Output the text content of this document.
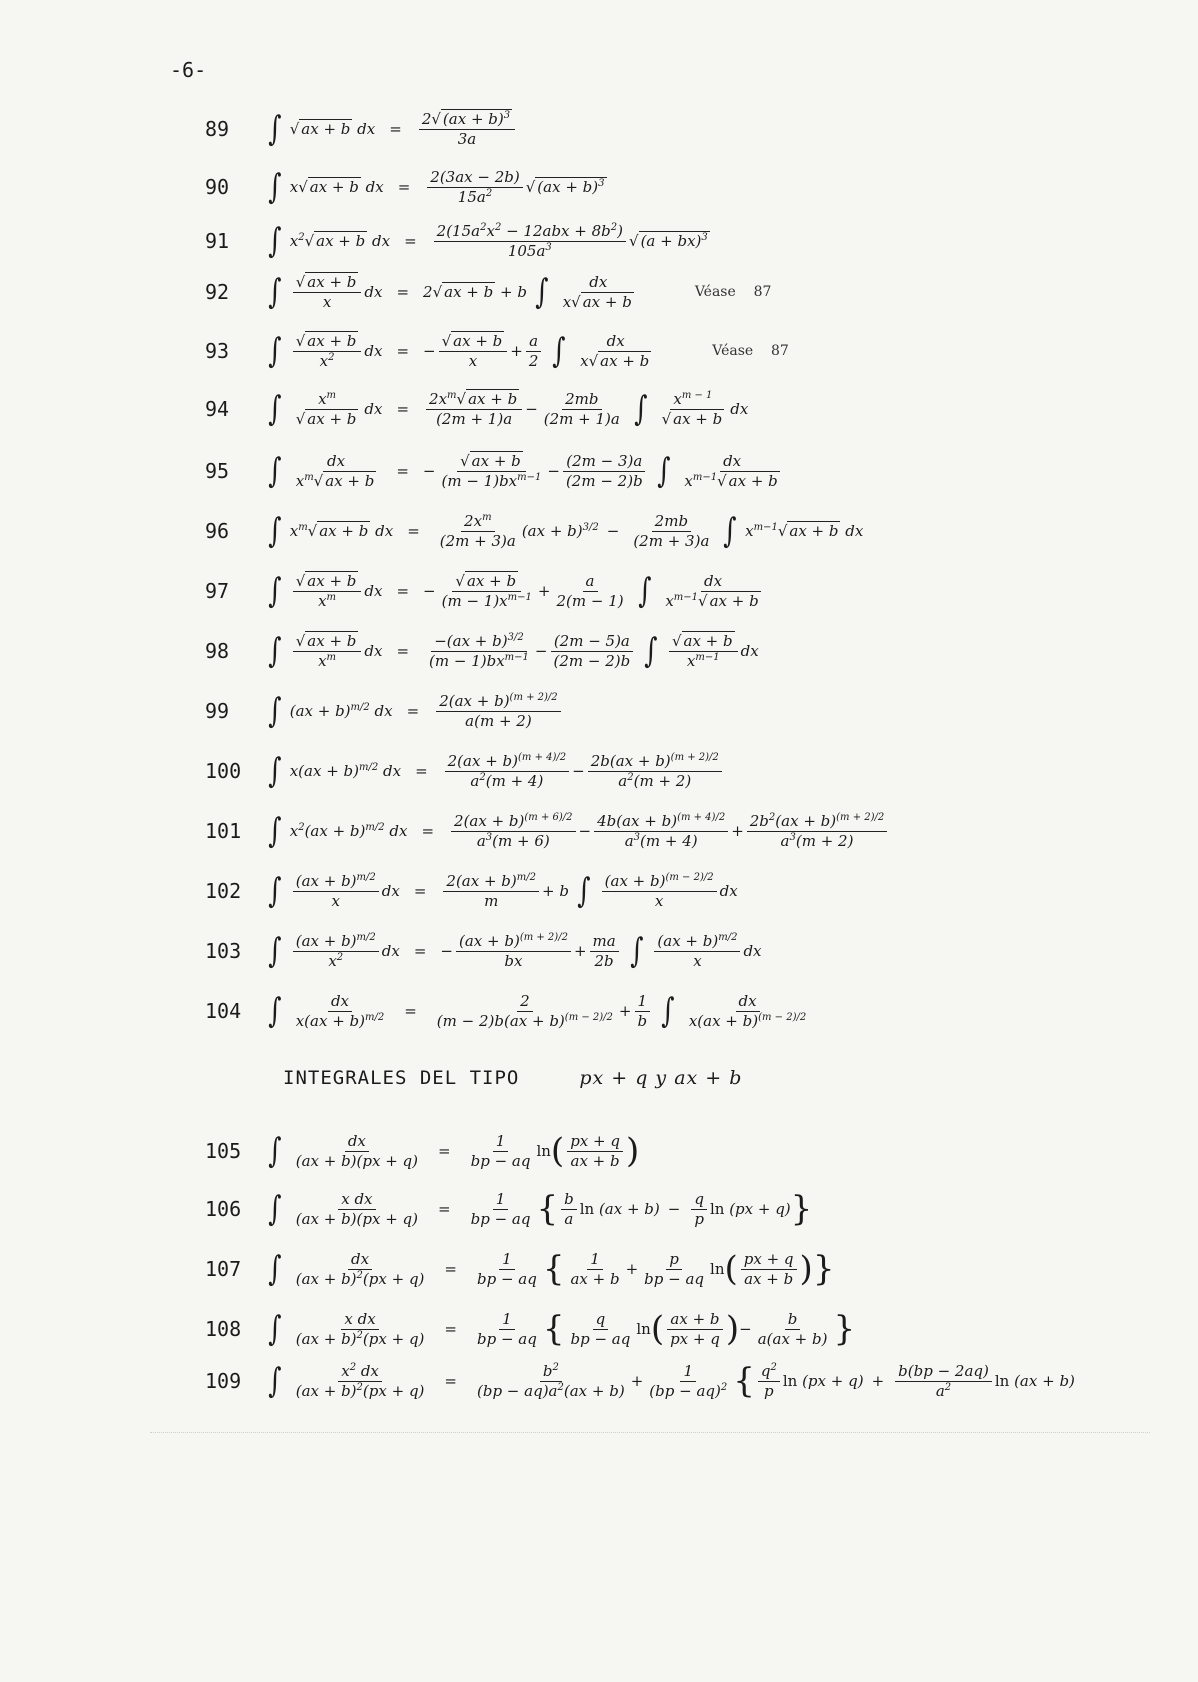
-6-
89	∫ √ ax + b dx = $\frac{2√ (ax + b)^3}{3a}$
90	∫ x√ ax + b dx = $\frac{2(3ax - 2b)}{15a^2}$ √ (ax + b)$^3$
91	∫ $x^2√$ ax + b dx = $\frac{2(15a^2x^2 - 12abx + 8b^2)}{105a^3}$ √ (a + bx)$^3$
92	∫ $\frac{√ ax + b}{x}$ dx = 2√ ax + b + b ∫ $\frac{dx}{x√ ax + b}$	Véase 87
93	∫ $\frac{√ ax + b}{x^2}$ dx = − $\frac{√ ax + b}{x} + \frac{a}{2}$ ∫ $\frac{dx}{x√ ax + b}$	Véase 87
94	∫ $\frac{x^m}{√ ax + b}$ dx = $\frac{2x^m√ ax + b}{(2m + 1)a} - \frac{2mb}{(2m + 1)a}$ ∫ $\frac{x^{m - 1}}{√ ax + b}$ dx
95	∫ $\frac{dx}{x^m√ ax + b}$ = − $\frac{√ ax + b}{(m - 1)bx^{m-1}} - \frac{(2m - 3)a}{(2m - 2)b}$ ∫ $\frac{dx}{x^{m-1}√ ax + b}$
96	∫ $x^m√$ ax + b dx = $\frac{2x^m}{(2m + 3)a} (ax + b)^{3/2} - \frac{2mb}{(2m + 3)a}$ ∫ $x^{m-1}√$ ax + b dx
97	∫ $\frac{√ ax + b}{x^m}$ dx = − $\frac{√ ax + b}{(m - 1)x^{m-1}} + \frac{a}{2(m - 1)}$ ∫ $\frac{dx}{x^{m-1}√ ax + b}$
98	∫ $\frac{√ ax + b}{x^m}$ dx = $\frac{-(ax + b)^{3/2}}{(m - 1)bx^{m-1}} - \frac{(2m - 5)a}{(2m - 2)b}$ ∫ $\frac{√ ax + b}{x^{m-1}}$ dx
99	∫ (ax + b)$^{m/2}$ dx = $\frac{2(ax + b)^{(m + 2)/2}}{a(m + 2)}$
100 ∫ x(ax + b)$^{m/2}$ dx = $\frac{2(ax + b)^{(m + 4)/2}}{a^2(m + 4)} - \frac{2b(ax + b)^{(m + 2)/2}}{a^2(m + 2)}$
101 ∫ $x^2(ax + b)^{m/2}$ dx = $\frac{2(ax + b)^{(m + 6)/2}}{a^3(m + 6)} - \frac{4b(ax + b)^{(m + 4)/2}}{a^3(m + 4)} + \frac{2b^2(ax + b)^{(m + 2)/2}}{a^3(m + 2)}$
102 ∫ $\frac{(ax + b)^{m/2}}{x}$ dx = $\frac{2(ax + b)^{m/2}}{m} + b$ ∫ $\frac{(ax + b)^{(m - 2)/2}}{x}$ dx
103 ∫ $\frac{(ax + b)^{m/2}}{x^2}$ dx = − $\frac{(ax + b)^{(m + 2)/2}}{bx} + \frac{ma}{2b}$ ∫ $\frac{(ax + b)^{m/2}}{x}$ dx
104 ∫ $\frac{dx}{x(ax + b)^{m/2}} = \frac{2}{(m - 2)b(ax + b)^{(m - 2)/2}} + \frac{1}{b}$ ∫ $\frac{dx}{x(ax + b)^{(m - 2)/2}}$
INTEGRALES DEL TIPO	px + q y ax + b
105 ∫ $\frac{dx}{(ax + b)(px + q)} = \frac{1}{bp - aq}$ ln ( $\frac{px + q}{ax + b}$ )
106 ∫ $\frac{\text{x dx}}{(ax + b)(px + q)} = \frac{1}{bp - aq}$ { $\frac{b}{a}$ $\ln (ax + b) - \frac{q}{p}$ ln (px + q) }
107 ∫ $\frac{dx}{(ax + b)^2(px + q)} = \frac{1}{bp - aq}$ { $\frac{1}{ax + b} + \frac{p}{bp - aq}$ ln ( $\frac{px + q}{ax + b}$ ) }
108 ∫ $\frac{\text{x dx}}{(ax + b)^2(px + q)} = \frac{1}{bp - aq}$ { $\frac{q}{bp - aq}$ ln ( $\frac{ax + b}{px + q}$ ) − $\frac{b}{a(ax + b)}$ }
109 ∫ $\frac{x^2 dx}{(ax + b)^2(px + q)} = \frac{b^2}{(bp - aq)a^2(ax + b)} + \frac{1}{(bp - aq)^2}$ { $\frac{q^2}{p}$ $\ln (px + q) + \frac{b(bp - 2aq)}{a^2}$ ln (ax + b)
